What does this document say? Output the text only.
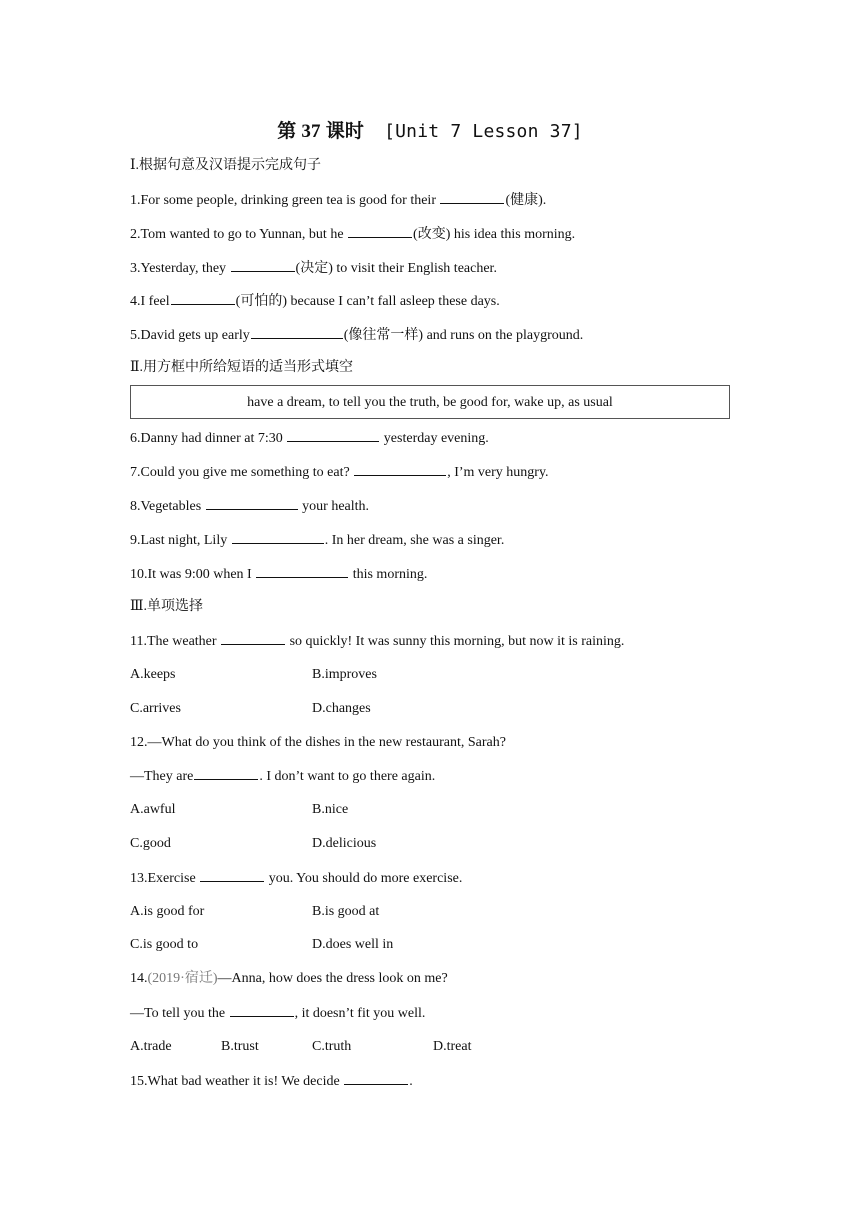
第 37 课时 [Unit 7 Lesson 37]
Ⅰ.根据句意及汉语提示完成句子
1.For some people, drinking green tea is good for their	(健康).
2.Tom wanted to go to Yunnan, but he	(改变) his idea this morning.
3.Yesterday, they	(决定) to visit their English teacher.
4.I feel	(可怕的) because I can’t fall asleep these days.
5.David gets up early	(像往常一样) and runs on the playground.
Ⅱ.用方框中所给短语的适当形式填空
have a dream, to tell you the truth, be good for, wake up, as usual
6.Danny had dinner at 7:30	yesterday evening.
7.Could you give me something to eat?	, I’m very hungry.
8.Vegetables	your health.
9.Last night, Lily	. In her dream, she was a singer.
10.It was 9:00 when I	this morning.
Ⅲ.单项选择
11.The weather	so quickly! It was sunny this morning, but now it is raining.
A.keeps	B.improves
C.arrives	D.changes
12.—What do you think of the dishes in the new restaurant, Sarah?
—They are	. I don’t want to go there again.
A.awful	B.nice
C.good	D.delicious
13.Exercise	you. You should do more exercise.
A.is good for	B.is good at
C.is good to	D.does well in
14.(2019·宿迁)—Anna, how does the dress look on me?
—To tell you the	, it doesn’t fit you well.
A.trade	B.trust	C.truth	D.treat
15.What bad weather it is! We decide	.
